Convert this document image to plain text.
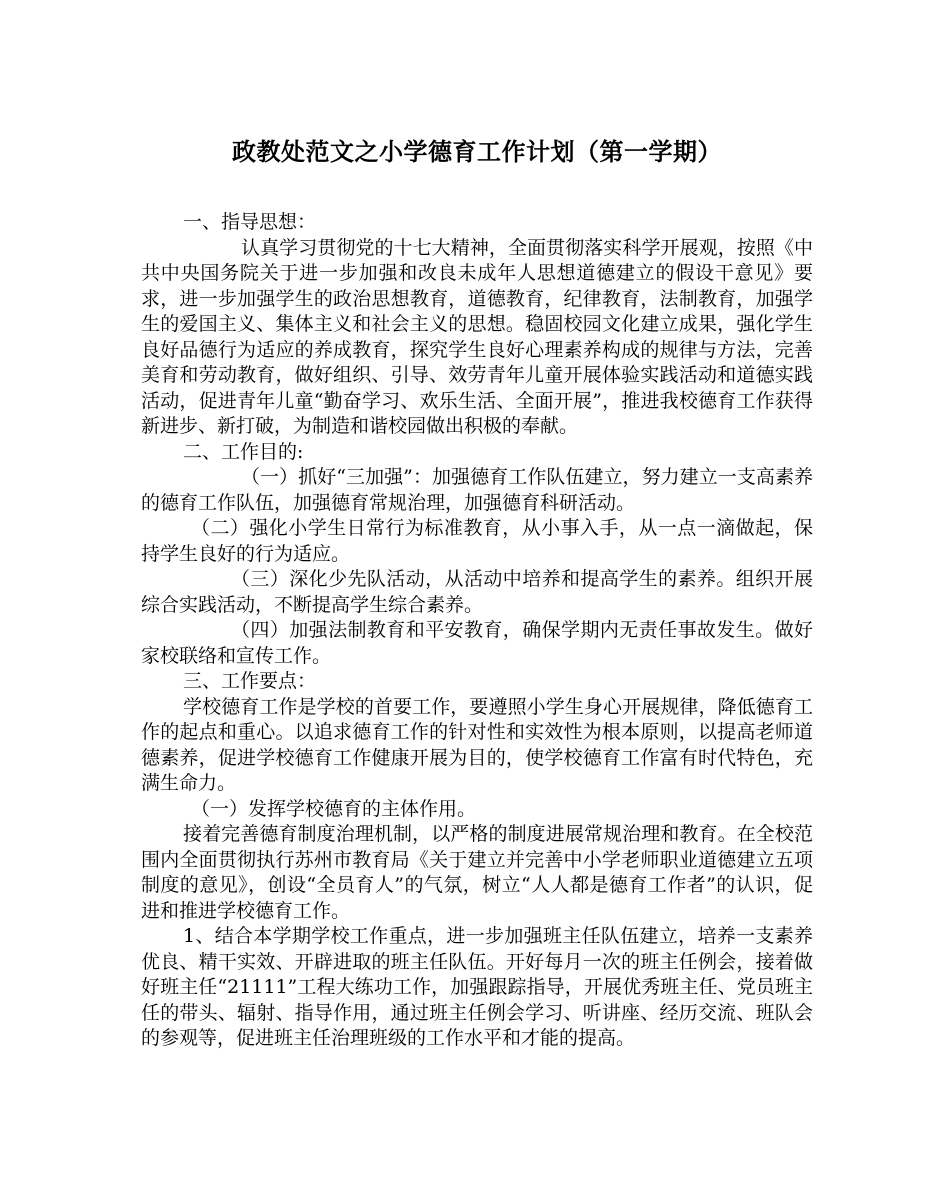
政教处范文之小学德育工作计划（第一学期）

一、指导思想：

认真学习贯彻党的十七大精神，全面贯彻落实科学开展观，按照《中共中央国务院关于进一步加强和改良未成年人思想道德建立的假设干意见》要求，进一步加强学生的政治思想教育，道德教育，纪律教育，法制教育，加强学生的爱国主义、集体主义和社会主义的思想。稳固校园文化建立成果，强化学生良好品德行为适应的养成教育，探究学生良好心理素养构成的规律与方法，完善美育和劳动教育，做好组织、引导、效劳青年儿童开展体验实践活动和道德实践活动，促进青年儿童“勤奋学习、欢乐生活、全面开展”，推进我校德育工作获得新进步、新打破，为制造和谐校园做出积极的奉献。

二、工作目的:

（一）抓好“三加强”：加强德育工作队伍建立，努力建立一支高素养的德育工作队伍，加强德育常规治理，加强德育科研活动。

（二）强化小学生日常行为标准教育，从小事入手，从一点一滴做起，保持学生良好的行为适应。

（三）深化少先队活动，从活动中培养和提高学生的素养。组织开展综合实践活动，不断提高学生综合素养。

（四）加强法制教育和平安教育，确保学期内无责任事故发生。做好家校联络和宣传工作。

三、工作要点：

学校德育工作是学校的首要工作，要遵照小学生身心开展规律，降低德育工作的起点和重心。以追求德育工作的针对性和实效性为根本原则，以提高老师道德素养，促进学校德育工作健康开展为目的，使学校德育工作富有时代特色，充满生命力。

（一）发挥学校德育的主体作用。

接着完善德育制度治理机制，以严格的制度进展常规治理和教育。在全校范围内全面贯彻执行苏州市教育局《关于建立并完善中小学老师职业道德建立五项制度的意见》，创设“全员育人”的气氛，树立“人人都是德育工作者”的认识，促进和推进学校德育工作。

1、结合本学期学校工作重点，进一步加强班主任队伍建立，培养一支素养优良、精干实效、开辟进取的班主任队伍。开好每月一次的班主任例会，接着做好班主任“21111”工程大练功工作，加强跟踪指导，开展优秀班主任、党员班主任的带头、辐射、指导作用，通过班主任例会学习、听讲座、经历交流、班队会的参观等，促进班主任治理班级的工作水平和才能的提高。
